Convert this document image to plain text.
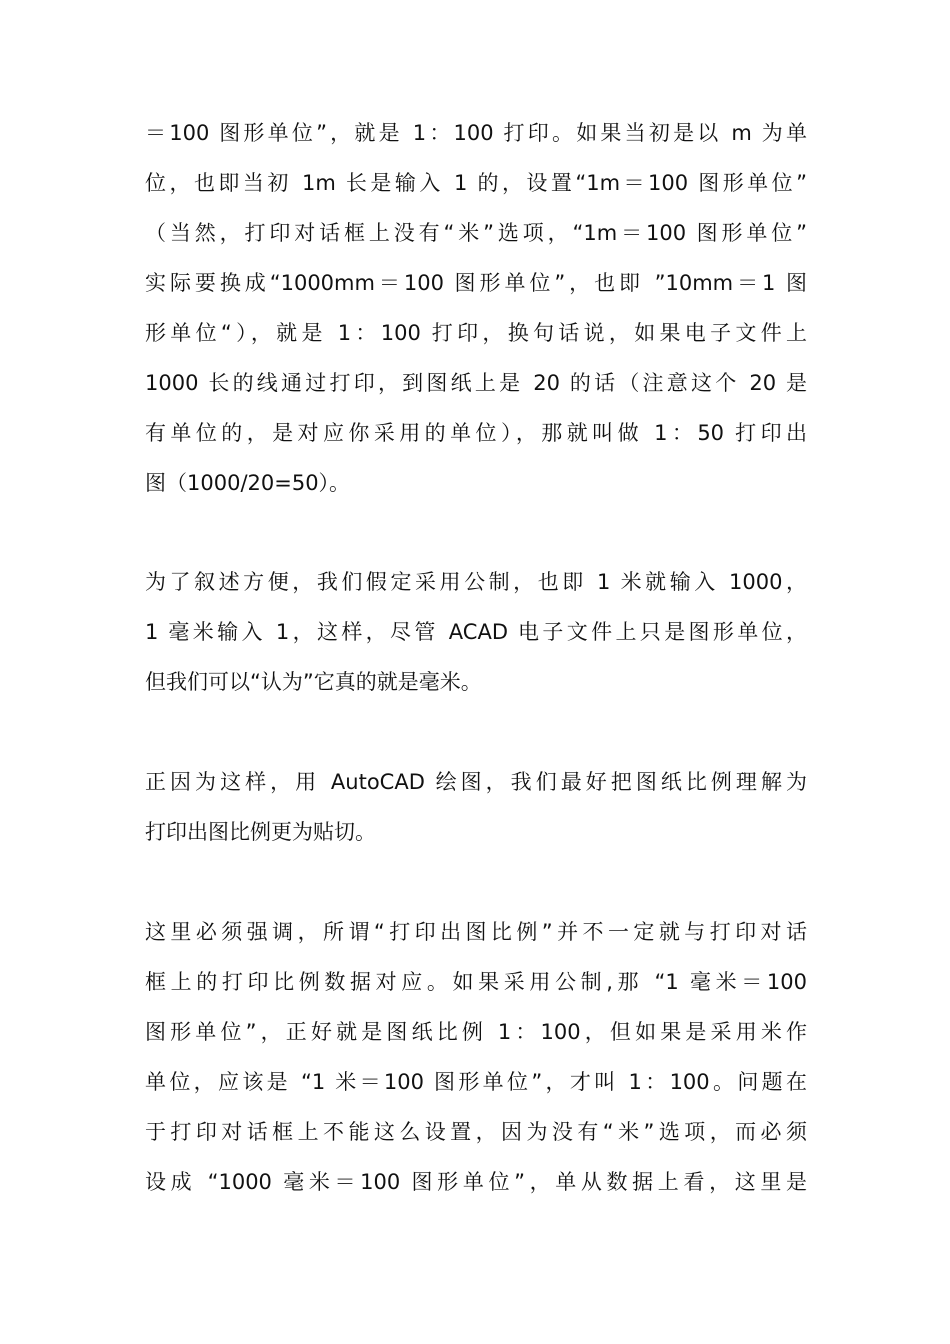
＝100 图形单位”，就是 1：100 打印。如果当初是以 m 为单
位，也即当初 1m 长是输入 1 的，设置“1m＝100 图形单位”
（当然，打印对话框上没有“米”选项，“1m＝100 图形单位”
实际要换成“1000mm＝100 图形单位”，也即 ”10mm＝1 图
形单位“），就是 1：100 打印，换句话说，如果电子文件上
1000 长的线通过打印，到图纸上是 20 的话（注意这个 20 是
有单位的，是对应你采用的单位），那就叫做 1：50 打印出
图（1000/20=50）。
为了叙述方便，我们假定采用公制，也即 1 米就输入 1000，
1 毫米输入 1，这样，尽管 ACAD 电子文件上只是图形单位，
但我们可以“认为”它真的就是毫米。
正因为这样，用 AutoCAD 绘图，我们最好把图纸比例理解为
打印出图比例更为贴切。
这里必须强调，所谓“打印出图比例”并不一定就与打印对话
框上的打印比例数据对应。如果采用公制,那 “1 毫米＝100
图形单位”，正好就是图纸比例 1：100，但如果是采用米作
单位，应该是 “1 米＝100 图形单位”，才叫 1：100。问题在
于打印对话框上不能这么设置，因为没有“米”选项，而必须
设成 “1000 毫米＝100 图形单位”，单从数据上看，这里是
